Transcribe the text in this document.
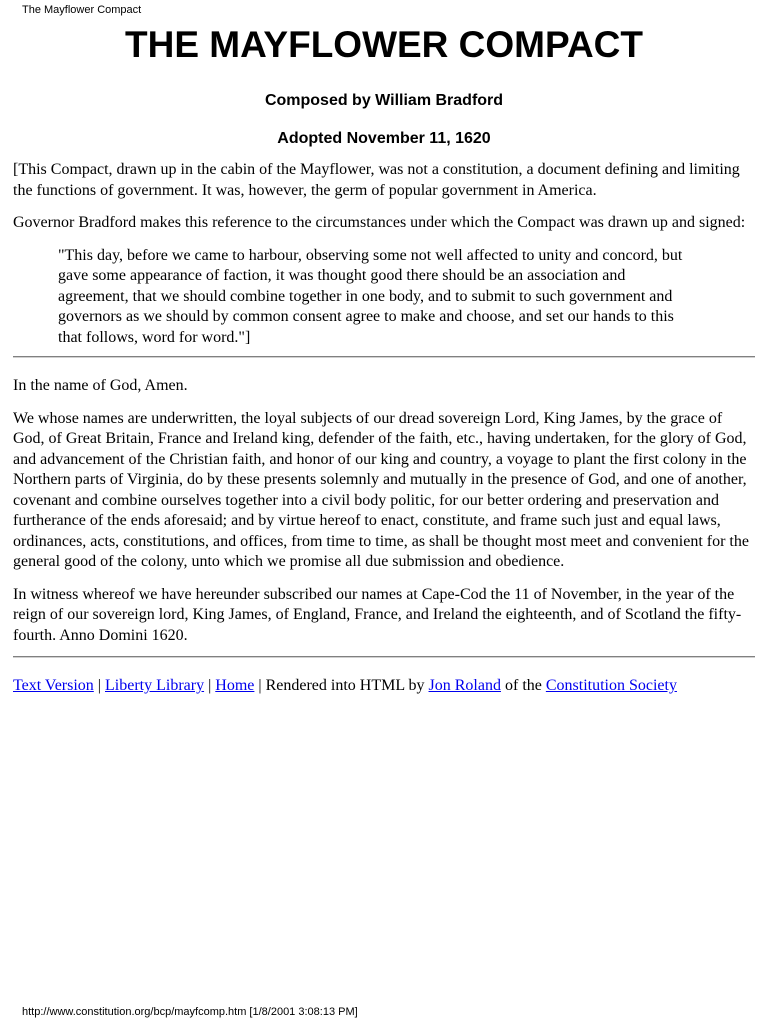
The Mayflower Compact
THE MAYFLOWER COMPACT
Composed by William Bradford
Adopted November 11, 1620

[This Compact, drawn up in the cabin of the Mayflower, was not a constitution, a document defining and limiting the functions of government. It was, however, the germ of popular government in America.

Governor Bradford makes this reference to the circumstances under which the Compact was drawn up and signed:

"This day, before we came to harbour, observing some not well affected to unity and concord, but gave some appearance of faction, it was thought good there should be an association and agreement, that we should combine together in one body, and to submit to such government and governors as we should by common consent agree to make and choose, and set our hands to this that follows, word for word."]

In the name of God, Amen.

We whose names are underwritten, the loyal subjects of our dread sovereign Lord, King James, by the grace of God, of Great Britain, France and Ireland king, defender of the faith, etc., having undertaken, for the glory of God, and advancement of the Christian faith, and honor of our king and country, a voyage to plant the first colony in the Northern parts of Virginia, do by these presents solemnly and mutually in the presence of God, and one of another, covenant and combine ourselves together into a civil body politic, for our better ordering and preservation and furtherance of the ends aforesaid; and by virtue hereof to enact, constitute, and frame such just and equal laws, ordinances, acts, constitutions, and offices, from time to time, as shall be thought most meet and convenient for the general good of the colony, unto which we promise all due submission and obedience.

In witness whereof we have hereunder subscribed our names at Cape-Cod the 11 of November, in the year of the reign of our sovereign lord, King James, of England, France, and Ireland the eighteenth, and of Scotland the fifty-fourth. Anno Domini 1620.

Text Version | Liberty Library | Home | Rendered into HTML by Jon Roland of the Constitution Society
http://www.constitution.org/bcp/mayfcomp.htm [1/8/2001 3:08:13 PM]
